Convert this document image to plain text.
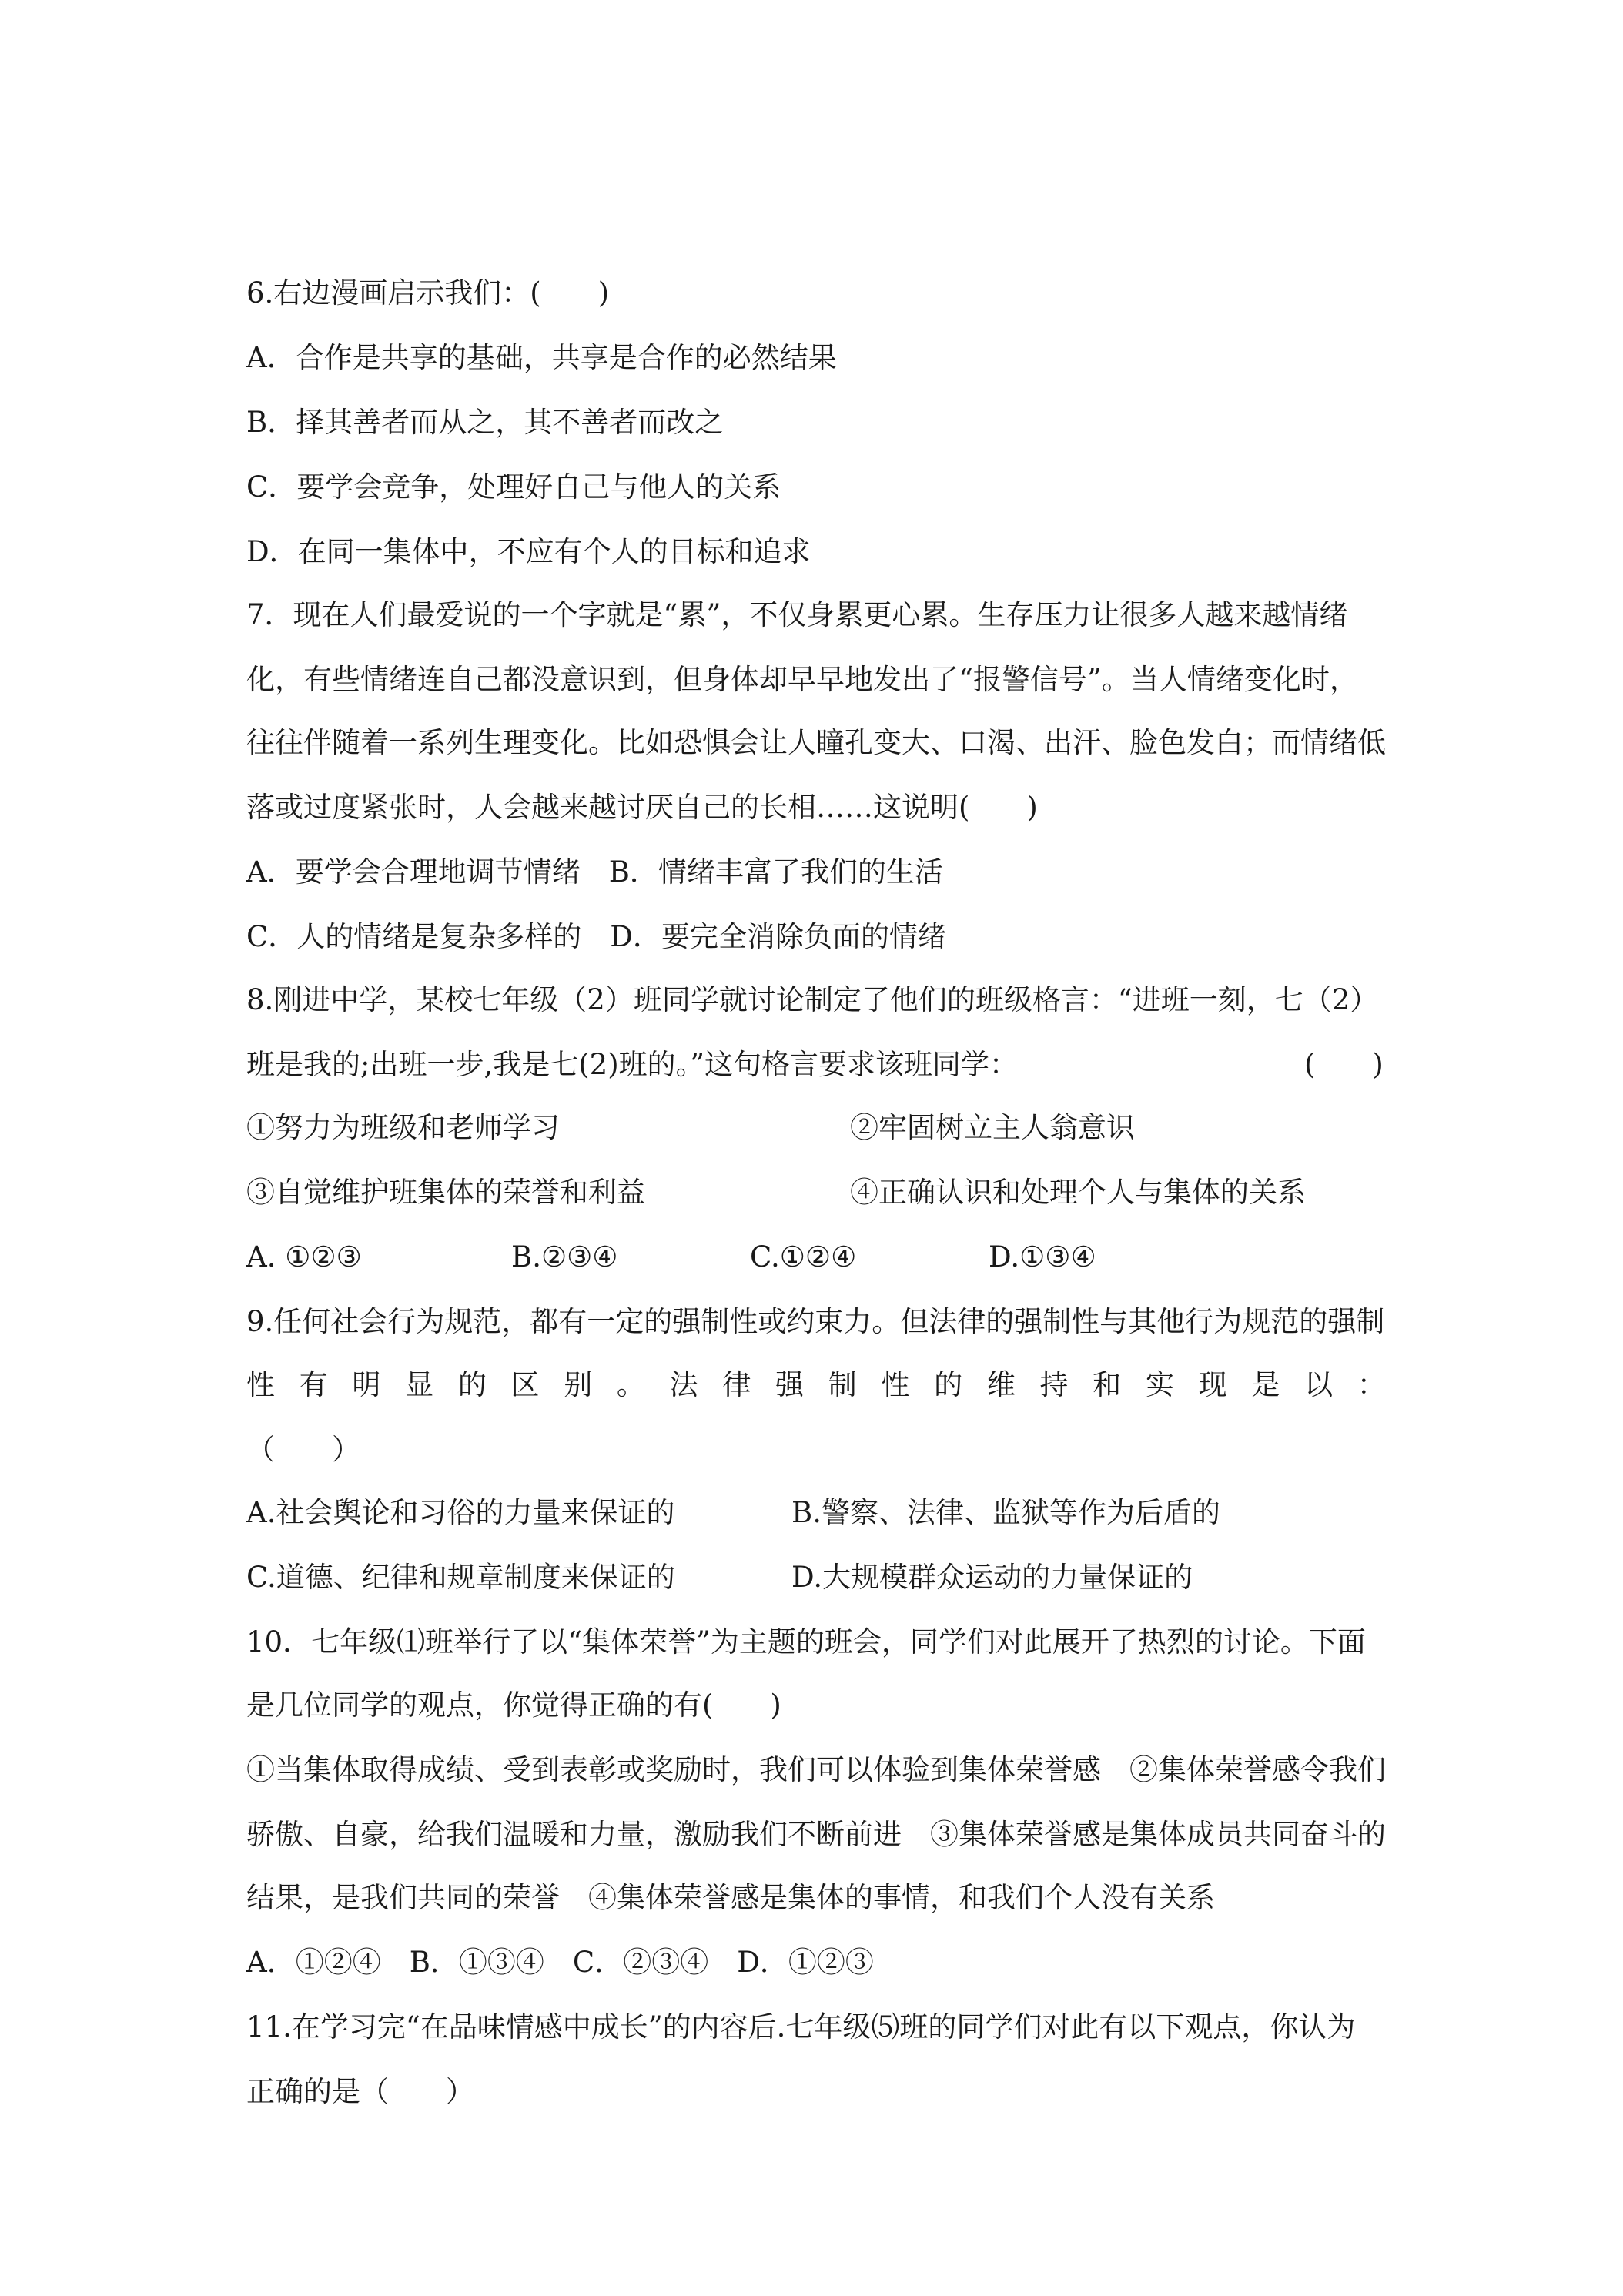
6.右边漫画启示我们：(　　)
A．合作是共享的基础，共享是合作的必然结果
B．择其善者而从之，其不善者而改之
C．要学会竞争，处理好自己与他人的关系
D．在同一集体中，不应有个人的目标和追求
7．现在人们最爱说的一个字就是“累”，不仅身累更心累。生存压力让很多人越来越情绪
化，有些情绪连自己都没意识到，但身体却早早地发出了“报警信号”。当人情绪变化时，
往往伴随着一系列生理变化。比如恐惧会让人瞳孔变大、口渴、出汗、脸色发白；而情绪低
落或过度紧张时，人会越来越讨厌自己的长相……这说明(　　)
A．要学会合理地调节情绪　B．情绪丰富了我们的生活
C．人的情绪是复杂多样的　D．要完全消除负面的情绪
8.刚进中学，某校七年级（2）班同学就讨论制定了他们的班级格言：“进班一刻，七（2）
班是我的;出班一步,我是七(2)班的。”这句格言要求该班同学：	(　　)
①努力为班级和老师学习	②牢固树立主人翁意识
③自觉维护班集体的荣誉和利益	④正确认识和处理个人与集体的关系
A. ①②③	B.②③④	C.①②④	D.①③④
9.任何社会行为规范，都有一定的强制性或约束力。但法律的强制性与其他行为规范的强制
性 有 明 显 的 区 别 。 法 律 强 制 性 的 维 持 和 实 现 是 以 ：
（　　）
A.社会舆论和习俗的力量来保证的	B.警察、法律、监狱等作为后盾的
C.道德、纪律和规章制度来保证的	D.大规模群众运动的力量保证的
10．七年级⑴班举行了以“集体荣誉”为主题的班会，同学们对此展开了热烈的讨论。下面
是几位同学的观点，你觉得正确的有(　　)
①当集体取得成绩、受到表彰或奖励时，我们可以体验到集体荣誉感　②集体荣誉感令我们
骄傲、自豪，给我们温暖和力量，激励我们不断前进　③集体荣誉感是集体成员共同奋斗的
结果，是我们共同的荣誉　④集体荣誉感是集体的事情，和我们个人没有关系
A．①②④　B．①③④　C．②③④　D．①②③
11.在学习完“在品味情感中成长”的内容后.七年级⑸班的同学们对此有以下观点，你认为
正确的是（　　）
